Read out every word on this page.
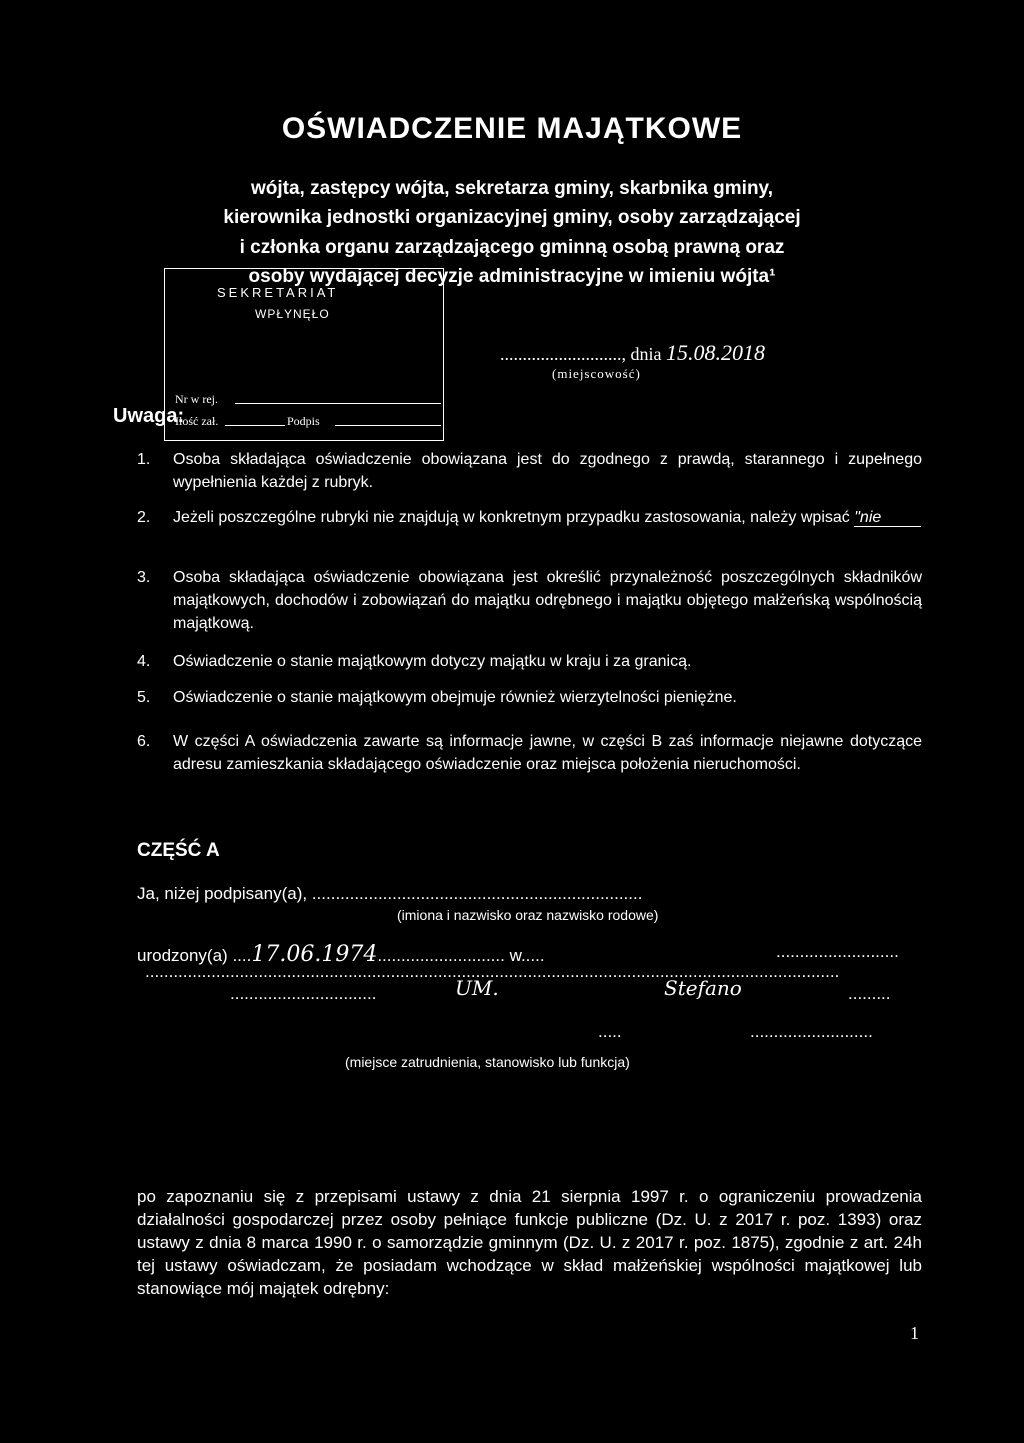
OŚWIADCZENIE MAJĄTKOWE
wójta, zastępcy wójta, sekretarza gminy, skarbnika gminy,
kierownika jednostki organizacyjnej gminy, osoby zarządzającej
i członka organu zarządzającego gminną osobą prawną oraz
osoby wydającej decyzje administracyjne w imieniu wójta¹
SEKRETARIAT
WPŁYNĘŁO
Nr w rej.
Ilość zał.	Podpis
..........................., dnia 15.08.2018
(miejscowość)
Uwaga:
1. Osoba składająca oświadczenie obowiązana jest do zgodnego z prawdą, starannego i zupełnego wypełnienia każdej z rubryk.
2. Jeżeli poszczególne rubryki nie znajdują w konkretnym przypadku zastosowania, należy wpisać "nie
3. Osoba składająca oświadczenie obowiązana jest określić przynależność poszczególnych składników majątkowych, dochodów i zobowiązań do majątku odrębnego i majątku objętego małżeńską wspólnością majątkową.
4. Oświadczenie o stanie majątkowym dotyczy majątku w kraju i za granicą.
5. Oświadczenie o stanie majątkowym obejmuje również wierzytelności pieniężne.
6. W części A oświadczenia zawarte są informacje jawne, w części B zaś informacje niejawne dotyczące adresu zamieszkania składającego oświadczenie oraz miejsca położenia nieruchomości.
CZĘŚĆ A
Ja, niżej podpisany(a), ......................................................................
(imiona i nazwisko oraz nazwisko rodowe)
urodzony(a) ....17.06.1974........................... w.....	..........................
...................................................................................................................................................
UM.	Stefano
...............................	.........
.....	..........................
(miejsce zatrudnienia, stanowisko lub funkcja)
po zapoznaniu się z przepisami ustawy z dnia 21 sierpnia 1997 r. o ograniczeniu prowadzenia działalności gospodarczej przez osoby pełniące funkcje publiczne (Dz. U. z 2017 r. poz. 1393) oraz ustawy z dnia 8 marca 1990 r. o samorządzie gminnym (Dz. U. z 2017 r. poz. 1875), zgodnie z art. 24h tej ustawy oświadczam, że posiadam wchodzące w skład małżeńskiej wspólności majątkowej lub stanowiące mój majątek odrębny:
1
